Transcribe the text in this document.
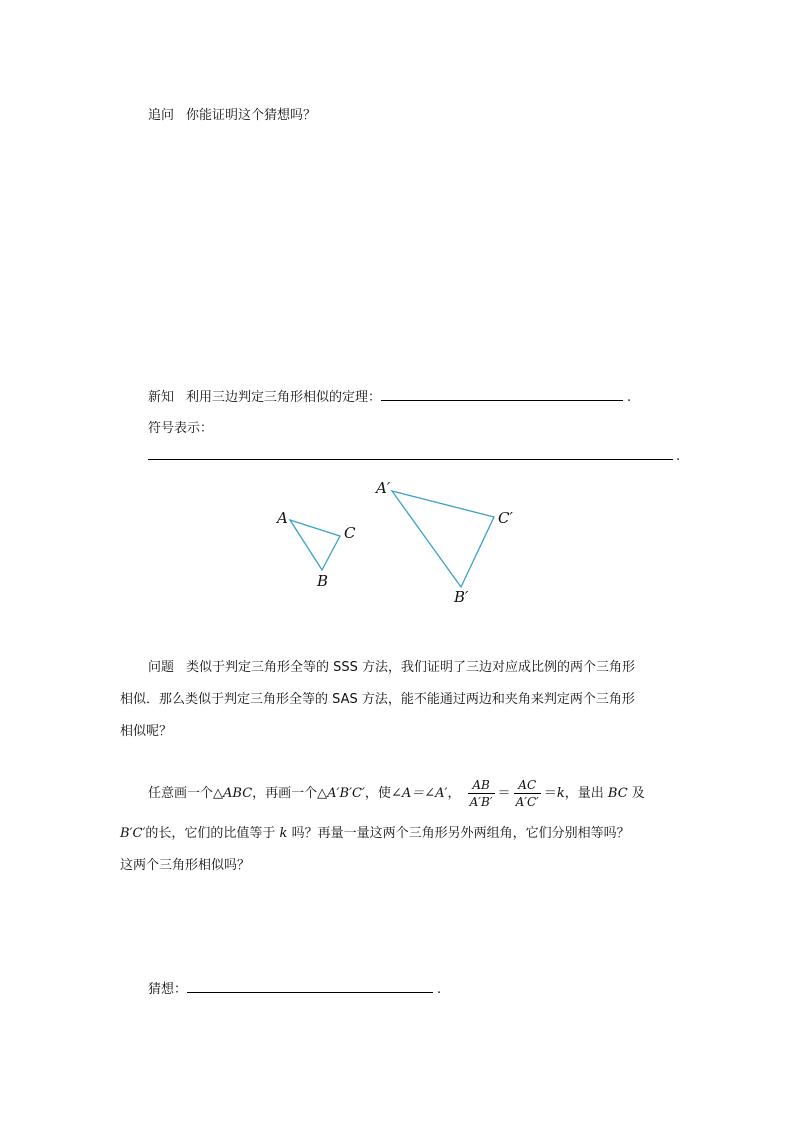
追问 你能证明这个猜想吗？
新知 利用三边判定三角形相似的定理：	.
符号表示：
.
A
C
B
A′
C′
B′
问题 类似于判定三角形全等的 SSS 方法，我们证明了三边对应成比例的两个三角形
相似．那么类似于判定三角形全等的 SAS 方法，能不能通过两边和夹角来判定两个三角形
相似呢？
任意画一个△ABC，再画一个△A′B′C′，使∠A＝∠A′， $\frac{AB}{A'B'} = \frac{AC}{A'C'} =k$，量出 BC 及
B′C′的长，它们的比值等于 k 吗？再量一量这两个三角形另外两组角，它们分别相等吗？
这两个三角形相似吗？
猜想：	.
